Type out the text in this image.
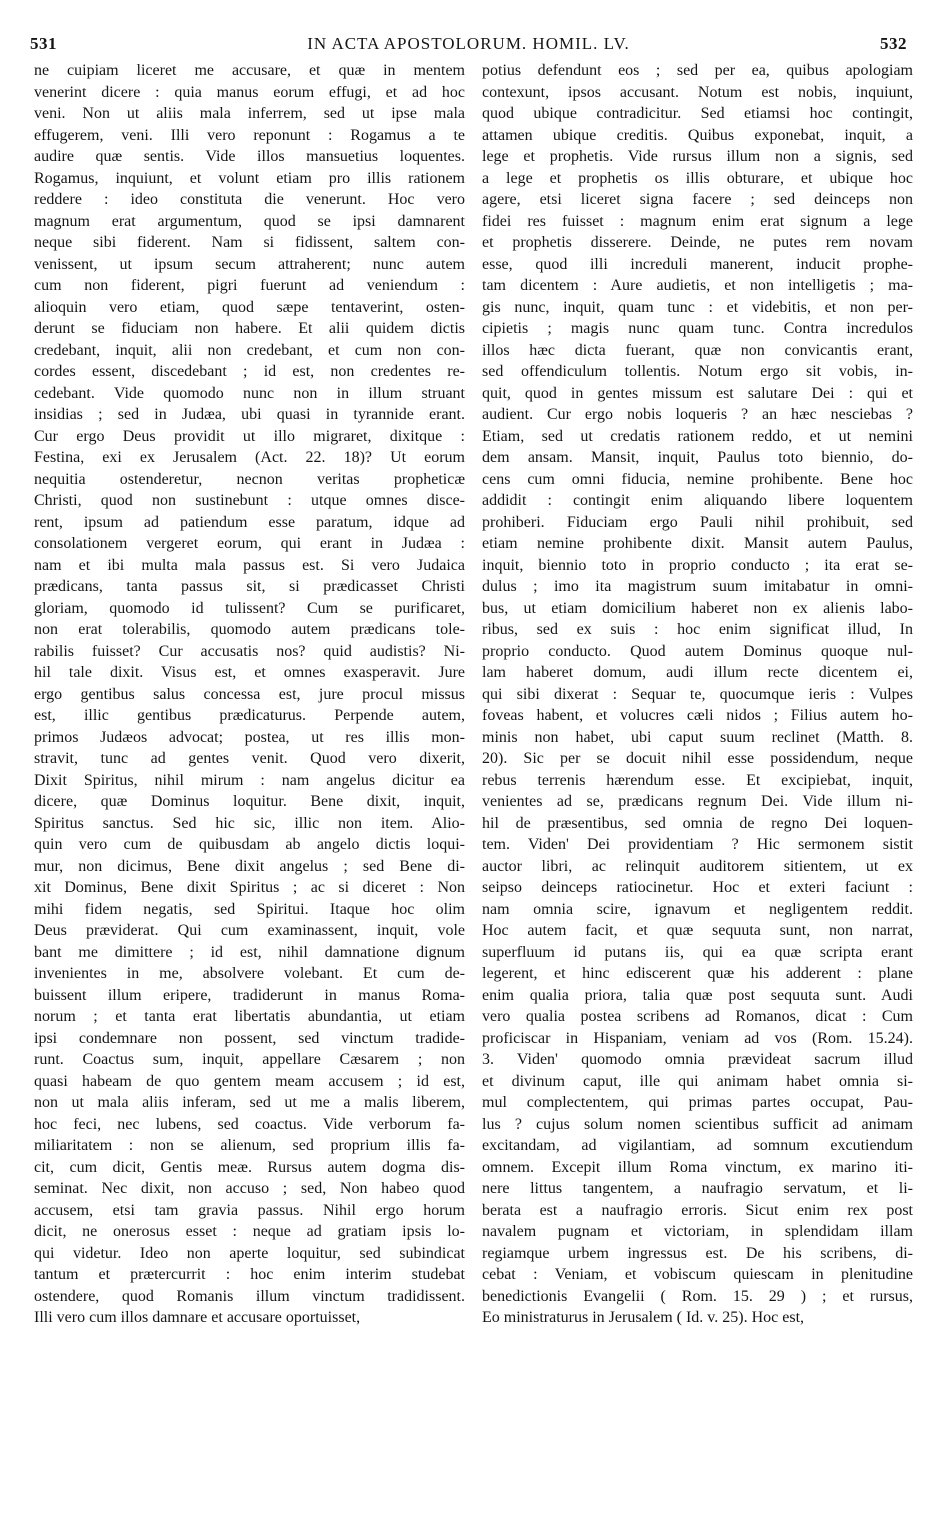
531	IN ACTA APOSTOLORUM. HOMIL. LV.	532
ne cuipiam liceret me accusare, et quæ in mentem
venerint dicere : quia manus eorum effugi, et ad hoc
veni. Non ut aliis mala inferrem, sed ut ipse mala
effugerem, veni. Illi vero reponunt : Rogamus a te
audire quæ sentis. Vide illos mansuetius loquentes.
Rogamus, inquiunt, et volunt etiam pro illis rationem
reddere : ideo constituta die venerunt. Hoc vero
magnum erat argumentum, quod se ipsi damnarent
neque sibi fiderent. Nam si fidissent, saltem con-
venissent, ut ipsum secum attraherent; nunc autem
cum non fiderent, pigri fuerunt ad veniendum :
alioquin vero etiam, quod sæpe tentaverint, osten-
derunt se fiduciam non habere. Et alii quidem dictis
credebant, inquit, alii non credebant, et cum non con-
cordes essent, discedebant ; id est, non credentes re-
cedebant. Vide quomodo nunc non in illum struant
insidias ; sed in Judæa, ubi quasi in tyrannide erant.
Cur ergo Deus providit ut illo migraret, dixitque :
Festina, exi ex Jerusalem (Act. 22. 18)? Ut eorum
nequitia ostenderetur, necnon veritas propheticæ
Christi, quod non sustinebunt : utque omnes disce-
rent, ipsum ad patiendum esse paratum, idque ad
consolationem vergeret eorum, qui erant in Judæa :
nam et ibi multa mala passus est. Si vero Judaica
prædicans, tanta passus sit, si prædicasset Christi
gloriam, quomodo id tulissent? Cum se purificaret,
non erat tolerabilis, quomodo autem prædicans tole-
rabilis fuisset? Cur accusatis nos? quid audistis? Ni-
hil tale dixit. Visus est, et omnes exasperavit. Jure
ergo gentibus salus concessa est, jure procul missus
est, illic gentibus prædicaturus. Perpende autem,
primos Judæos advocat; postea, ut res illis mon-
stravit, tunc ad gentes venit. Quod vero dixerit,
Dixit Spiritus, nihil mirum : nam angelus dicitur ea
dicere, quæ Dominus loquitur. Bene dixit, inquit,
Spiritus sanctus. Sed hic sic, illic non item. Alio-
quin vero cum de quibusdam ab angelo dictis loqui-
mur, non dicimus, Bene dixit angelus ; sed Bene di-
xit Dominus, Bene dixit Spiritus ; ac si diceret : Non
mihi fidem negatis, sed Spiritui. Itaque hoc olim
Deus præviderat. Qui cum examinassent, inquit, vole
bant me dimittere ; id est, nihil damnatione dignum
invenientes in me, absolvere volebant. Et cum de-
buissent illum eripere, tradiderunt in manus Roma-
norum ; et tanta erat libertatis abundantia, ut etiam
ipsi condemnare non possent, sed vinctum tradide-
runt. Coactus sum, inquit, appellare Cæsarem ; non
quasi habeam de quo gentem meam accusem ; id est,
non ut mala aliis inferam, sed ut me a malis liberem,
hoc feci, nec lubens, sed coactus. Vide verborum fa-
miliaritatem : non se alienum, sed proprium illis fa-
cit, cum dicit, Gentis meæ. Rursus autem dogma dis-
seminat. Nec dixit, non accuso ; sed, Non habeo quod
accusem, etsi tam gravia passus. Nihil ergo horum
dicit, ne onerosus esset : neque ad gratiam ipsis lo-
qui videtur. Ideo non aperte loquitur, sed subindicat
tantum et prætercurrit : hoc enim interim studebat
ostendere, quod Romanis illum vinctum tradidissent.
Illi vero cum illos damnare et accusare oportuisset,
potius defendunt eos ; sed per ea, quibus apologiam
contexunt, ipsos accusant. Notum est nobis, inquiunt,
quod ubique contradicitur. Sed etiamsi hoc contingit,
attamen ubique creditis. Quibus exponebat, inquit, a
lege et prophetis. Vide rursus illum non a signis, sed
a lege et prophetis os illis obturare, et ubique hoc
agere, etsi liceret signa facere ; sed deinceps non
fidei res fuisset : magnum enim erat signum a lege
et prophetis disserere. Deinde, ne putes rem novam
esse, quod illi increduli manerent, inducit prophe-
tam dicentem : Aure audietis, et non intelligetis ; ma-
gis nunc, inquit, quam tunc : et videbitis, et non per-
cipietis ; magis nunc quam tunc. Contra incredulos
illos hæc dicta fuerant, quæ non convicantis erant,
sed offendiculum tollentis. Notum ergo sit vobis, in-
quit, quod in gentes missum est salutare Dei : qui et
audient. Cur ergo nobis loqueris ? an hæc nesciebas ?
Etiam, sed ut credatis rationem reddo, et ut nemini
dem ansam. Mansit, inquit, Paulus toto biennio, do-
cens cum omni fiducia, nemine prohibente. Bene hoc
addidit : contingit enim aliquando libere loquentem
prohiberi. Fiduciam ergo Pauli nihil prohibuit, sed
etiam nemine prohibente dixit. Mansit autem Paulus,
inquit, biennio toto in proprio conducto ; ita erat se-
dulus ; imo ita magistrum suum imitabatur in omni-
bus, ut etiam domicilium haberet non ex alienis labo-
ribus, sed ex suis : hoc enim significat illud, In
proprio conducto. Quod autem Dominus quoque nul-
lam haberet domum, audi illum recte dicentem ei,
qui sibi dixerat : Sequar te, quocumque ieris : Vulpes
foveas habent, et volucres cæli nidos ; Filius autem ho-
minis non habet, ubi caput suum reclinet (Matth. 8.
20). Sic per se docuit nihil esse possidendum, neque
rebus terrenis hærendum esse. Et excipiebat, inquit,
venientes ad se, prædicans regnum Dei. Vide illum ni-
hil de præsentibus, sed omnia de regno Dei loquen-
tem. Viden' Dei providentiam ? Hic sermonem sistit
auctor libri, ac relinquit auditorem sitientem, ut ex
seipso deinceps ratiocinetur. Hoc et exteri faciunt :
nam omnia scire, ignavum et negligentem reddit.
Hoc autem facit, et quæ sequuta sunt, non narrat,
superfluum id putans iis, qui ea quæ scripta erant
legerent, et hinc ediscerent quæ his adderent : plane
enim qualia priora, talia quæ post sequuta sunt. Audi
vero qualia postea scribens ad Romanos, dicat : Cum
proficiscar in Hispaniam, veniam ad vos (Rom. 15.24).
3. Viden' quomodo omnia prævideat sacrum illud
et divinum caput, ille qui animam habet omnia si-
mul complectentem, qui primas partes occupat, Pau-
lus ? cujus solum nomen scientibus sufficit ad animam
excitandam, ad vigilantiam, ad somnum excutiendum
omnem. Excepit illum Roma vinctum, ex marino iti-
nere littus tangentem, a naufragio servatum, et li-
berata est a naufragio erroris. Sicut enim rex post
navalem pugnam et victoriam, in splendidam illam
regiamque urbem ingressus est. De his scribens, di-
cebat : Veniam, et vobiscum quiescam in plenitudine
benedictionis Evangelii ( Rom. 15. 29 ) ; et rursus,
Eo ministraturus in Jerusalem ( Id. v. 25). Hoc est,
